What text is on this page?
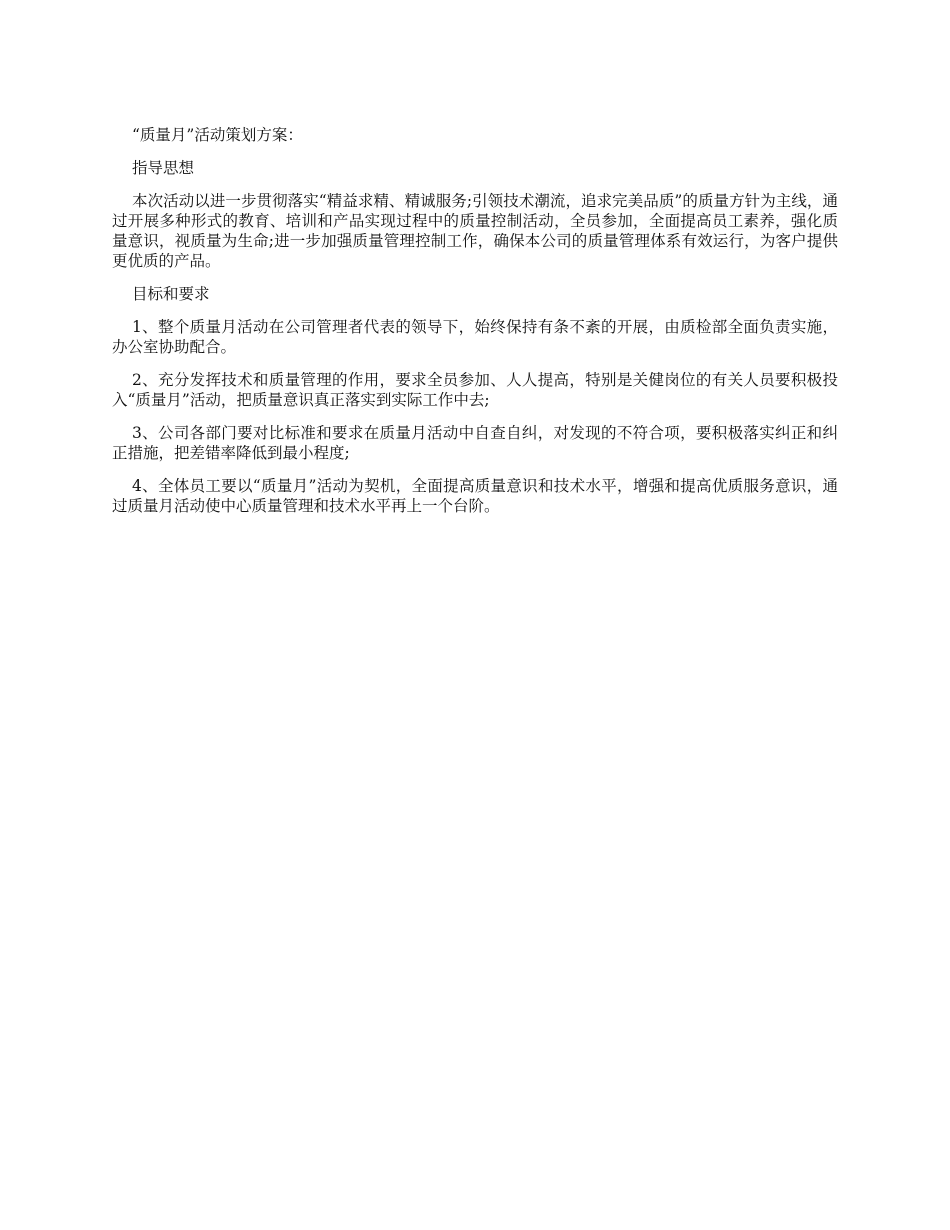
“质量月”活动策划方案：

指导思想

本次活动以进一步贯彻落实“精益求精、精诚服务;引领技术潮流，追求完美品质”的质量方针为主线，通过开展多种形式的教育、培训和产品实现过程中的质量控制活动，全员参加，全面提高员工素养，强化质量意识，视质量为生命;进一步加强质量管理控制工作，确保本公司的质量管理体系有效运行，为客户提供更优质的产品。

目标和要求

1、整个质量月活动在公司管理者代表的领导下，始终保持有条不紊的开展，由质检部全面负责实施，办公室协助配合。

2、充分发挥技术和质量管理的作用，要求全员参加、人人提高，特别是关健岗位的有关人员要积极投入“质量月”活动，把质量意识真正落实到实际工作中去;

3、公司各部门要对比标准和要求在质量月活动中自查自纠，对发现的不符合项，要积极落实纠正和纠正措施，把差错率降低到最小程度;

4、全体员工要以“质量月”活动为契机，全面提高质量意识和技术水平，增强和提高优质服务意识，通过质量月活动使中心质量管理和技术水平再上一个台阶。
